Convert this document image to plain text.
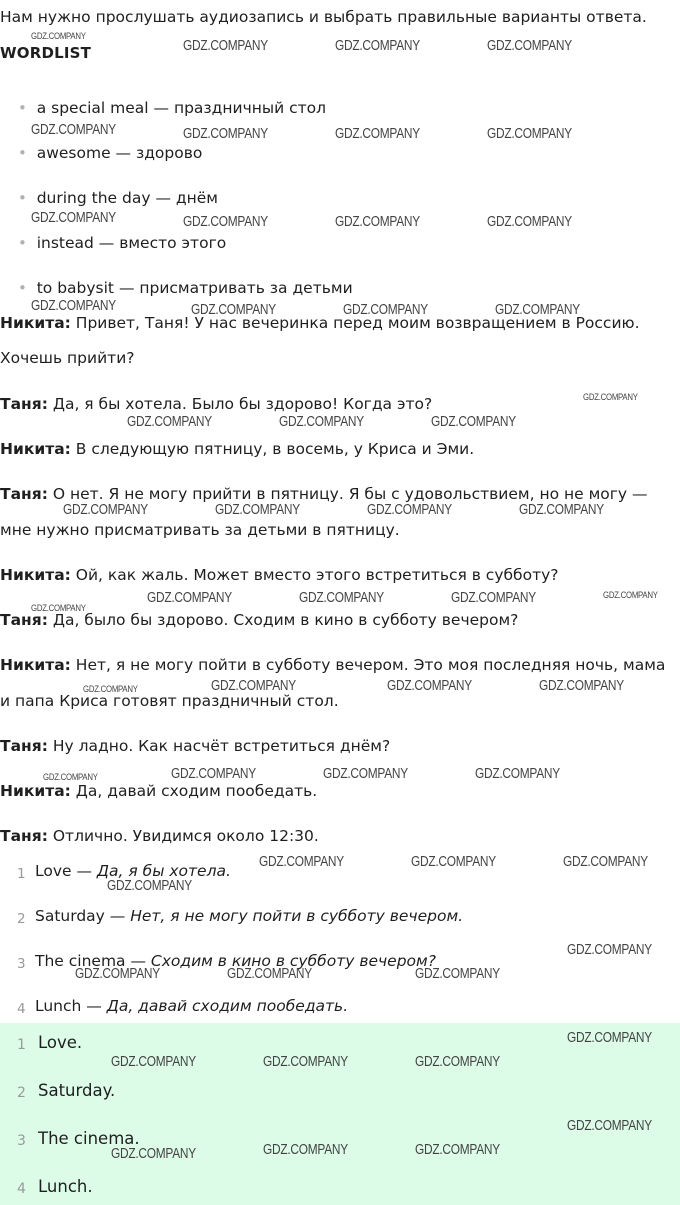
Нам нужно прослушать аудиозапись и выбрать правильные варианты ответа.
WORDLIST
• a special meal — праздничный стол
• awesome — здорово
• during the day — днём
• instead — вместо этого
• to babysit — присматривать за детьми
Никита: Привет, Таня! У нас вечеринка перед моим возвращением в Россию.
Хочешь прийти?
Таня: Да, я бы хотела. Было бы здорово! Когда это?
Никита: В следующую пятницу, в восемь, у Криса и Эми.
Таня: О нет. Я не могу прийти в пятницу. Я бы с удовольствием, но не могу —
мне нужно присматривать за детьми в пятницу.
Никита: Ой, как жаль. Может вместо этого встретиться в субботу?
Таня: Да, было бы здорово. Сходим в кино в субботу вечером?
Никита: Нет, я не могу пойти в субботу вечером. Это моя последняя ночь, мама
и папа Криса готовят праздничный стол.
Таня: Ну ладно. Как насчёт встретиться днём?
Никита: Да, давай сходим пообедать.
Таня: Отлично. Увидимся около 12:30.
1 Love — Да, я бы хотела.
2 Saturday — Нет, я не могу пойти в субботу вечером.
3 The cinema — Сходим в кино в субботу вечером?
4 Lunch — Да, давай сходим пообедать.
1 Love.
2 Saturday.
3 The cinema.
4 Lunch.
GDZ.COMPANY
GDZ.COMPANY	GDZ.COMPANY	GDZ.COMPANY
GDZ.COMPANY	GDZ.COMPANY	GDZ.COMPANY	GDZ.COMPANY
GDZ.COMPANY	GDZ.COMPANY	GDZ.COMPANY	GDZ.COMPANY
GDZ.COMPANY	GDZ.COMPANY	GDZ.COMPANY	GDZ.COMPANY
GDZ.COMPANY
GDZ.COMPANY	GDZ.COMPANY	GDZ.COMPANY
GDZ.COMPANY	GDZ.COMPANY	GDZ.COMPANY	GDZ.COMPANY
GDZ.COMPANY
GDZ.COMPANY	GDZ.COMPANY	GDZ.COMPANY	GDZ.COMPANY
GDZ.COMPANY	GDZ.COMPANY	GDZ.COMPANY	GDZ.COMPANY
GDZ.COMPANY	GDZ.COMPANY	GDZ.COMPANY	GDZ.COMPANY
GDZ.COMPANY	GDZ.COMPANY	GDZ.COMPANY
GDZ.COMPANY
GDZ.COMPANY
GDZ.COMPANY	GDZ.COMPANY	GDZ.COMPANY
GDZ.COMPANY
GDZ.COMPANY	GDZ.COMPANY	GDZ.COMPANY
GDZ.COMPANY
GDZ.COMPANY	GDZ.COMPANY	GDZ.COMPANY
